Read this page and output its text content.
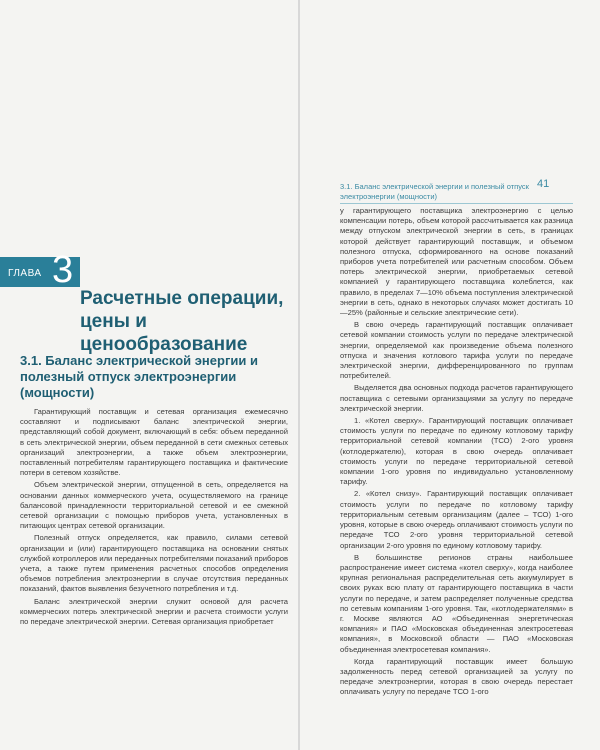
ГЛАВА 3
Расчетные операции, цены и ценообразование
3.1. Баланс электрической энергии и полезный отпуск электроэнергии (мощности)

Гарантирующий поставщик и сетевая организация ежемесячно составляют и подписывают баланс электрической энергии, представляющий собой документ, включающий в себя: объем переданной в сеть электрической энергии, объем переданной в сети смежных сетевых организаций электроэнергии, а также объем электроэнергии, поставленный потребителям гарантирующего поставщика и фактические потери в сетевом хозяйстве.

Объем электрической энергии, отпущенной в сеть, определяется на основании данных коммерческого учета, осуществляемого на границе балансовой принадлежности территориальной сетевой и ее смежной сетевой организации с помощью приборов учета, установленных в питающих центрах сетевой организации.

Полезный отпуск определяется, как правило, силами сетевой организации и (или) гарантирующего поставщика на основании снятых службой котроллеров или переданных потребителями показаний приборов учета, а также путем применения расчетных способов определения объемов потребления электроэнергии в случае отсутствия переданных показаний, фактов выявления безучетного потребления и т.д.

Баланс электрической энергии служит основой для расчета коммерческих потерь электрической энергии и расчета стоимости услуги по передаче электрической энергии. Сетевая организация приобретает

3.1. Баланс электрической энергии и полезный отпуск электроэнергии (мощности)
41

у гарантирующего поставщика электроэнергию с целью компенсации потерь, объем которой рассчитывается как разница между отпуском электрической энергии в сеть, в границах которой действует гарантирующий поставщик, и объемом полезного отпуска, сформированного на основе показаний приборов учета потребителей или расчетным способом. Объем потерь электрической энергии, приобретаемых сетевой компанией у гарантирующего поставщика колеблется, как правило, в пределах 7—10% объема поступления электрической энергии в сеть, однако в некоторых случаях может достигать 10—25% (районные и сельские электрические сети).

В свою очередь гарантирующий поставщик оплачивает сетевой компании стоимость услуги по передаче электрической энергии, определяемой как произведение объема полезного отпуска и значения котлового тарифа услуги по передаче электрической энергии, дифференцированного по группам потребителей.

Выделяется два основных подхода расчетов гарантирующего поставщика с сетевыми организациями за услугу по передаче электрической энергии.

1. «Котел сверху». Гарантирующий поставщик оплачивает стоимость услуги по передаче по единому котловому тарифу территориальной сетевой компании (ТСО) 2-ого уровня (котлодержателю), которая в свою очередь оплачивает стоимость услуги по передаче территориальной сетевой компании 1-ого уровня по индивидуально установленному тарифу.

2. «Котел снизу». Гарантирующий поставщик оплачивает стоимость услуги по передаче по котловому тарифу территориальным сетевым организациям (далее – ТСО) 1-ого уровня, которые в свою очередь оплачивают стоимость услуги по передаче ТСО 2-ого уровня территориальной сетевой организации 2-ого уровня по единому котловому тарифу.

В большинстве регионов страны наибольшее распространение имеет система «котел сверху», когда наиболее крупная региональная распределительная сеть аккумулирует в своих руках всю плату от гарантирующего поставщика в части услуги по передаче, и затем распределяет полученные средства по сетевым компаниям 1-ого уровня. Так, «котлодержателями» в г. Москве являются АО «Объединенная энергетическая компания» и ПАО «Московская объединенная электросетевая компания», в Московской области — ПАО «Московская объединенная электросетевая компания».

Когда гарантирующий поставщик имеет большую задолженность перед сетевой организацией за услугу по передаче электроэнергии, которая в свою очередь перестает оплачивать услугу по передаче ТСО 1-ого
